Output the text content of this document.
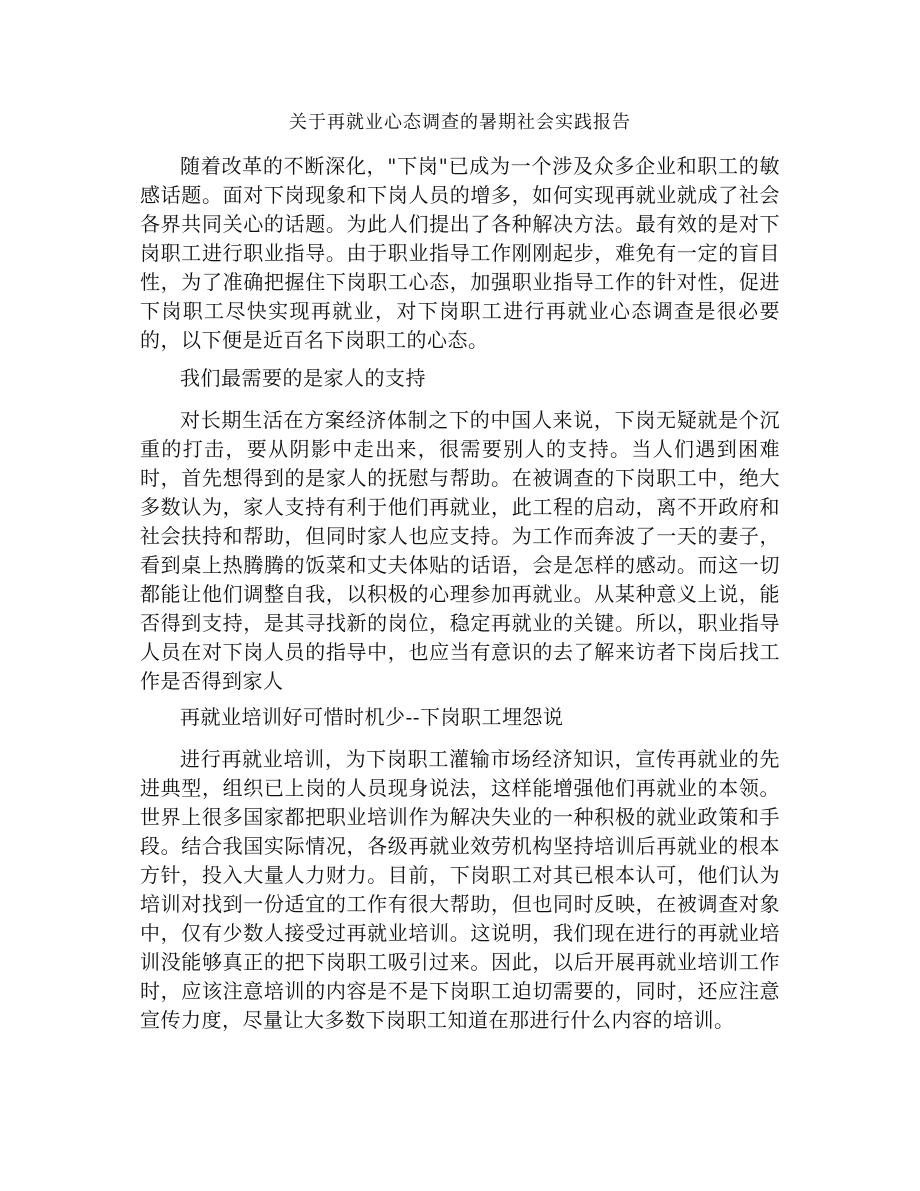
关于再就业心态调查的暑期社会实践报告

随着改革的不断深化，"下岗"已成为一个涉及众多企业和职工的敏感话题。面对下岗现象和下岗人员的增多，如何实现再就业就成了社会各界共同关心的话题。为此人们提出了各种解决方法。最有效的是对下岗职工进行职业指导。由于职业指导工作刚刚起步，难免有一定的盲目性，为了准确把握住下岗职工心态，加强职业指导工作的针对性，促进下岗职工尽快实现再就业，对下岗职工进行再就业心态调查是很必要的，以下便是近百名下岗职工的心态。

我们最需要的是家人的支持

对长期生活在方案经济体制之下的中国人来说，下岗无疑就是个沉重的打击，要从阴影中走出来，很需要别人的支持。当人们遇到困难时，首先想得到的是家人的抚慰与帮助。在被调查的下岗职工中，绝大多数认为，家人支持有利于他们再就业，此工程的启动，离不开政府和社会扶持和帮助，但同时家人也应支持。为工作而奔波了一天的妻子，看到桌上热腾腾的饭菜和丈夫体贴的话语，会是怎样的感动。而这一切都能让他们调整自我，以积极的心理参加再就业。从某种意义上说，能否得到支持，是其寻找新的岗位，稳定再就业的关键。所以，职业指导人员在对下岗人员的指导中，也应当有意识的去了解来访者下岗后找工作是否得到家人

再就业培训好可惜时机少--下岗职工埋怨说

进行再就业培训，为下岗职工灌输市场经济知识，宣传再就业的先进典型，组织已上岗的人员现身说法，这样能增强他们再就业的本领。世界上很多国家都把职业培训作为解决失业的一种积极的就业政策和手段。结合我国实际情况，各级再就业效劳机构坚持培训后再就业的根本方针，投入大量人力财力。目前，下岗职工对其已根本认可，他们认为培训对找到一份适宜的工作有很大帮助，但也同时反映，在被调查对象中，仅有少数人接受过再就业培训。这说明，我们现在进行的再就业培训没能够真正的把下岗职工吸引过来。因此，以后开展再就业培训工作时，应该注意培训的内容是不是下岗职工迫切需要的，同时，还应注意宣传力度，尽量让大多数下岗职工知道在那进行什么内容的培训。
